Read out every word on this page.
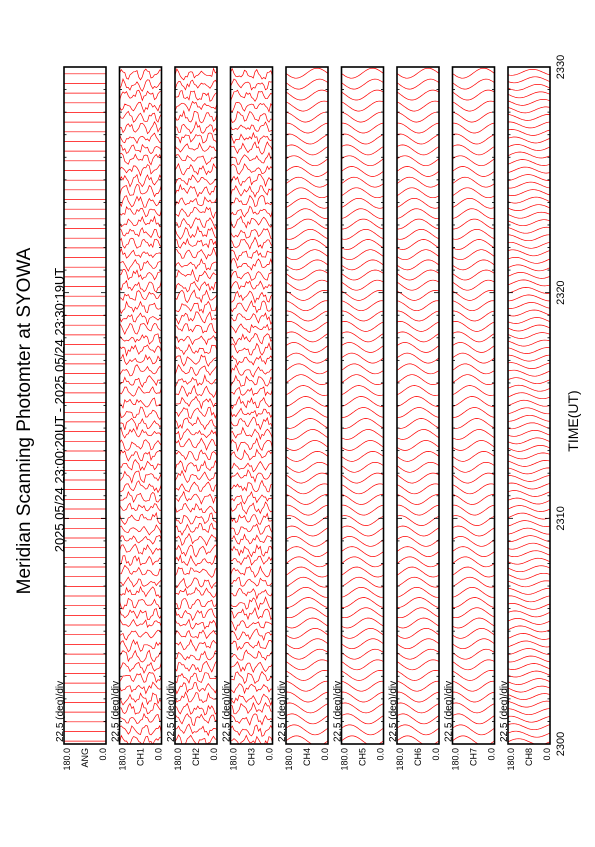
Meridian Scanning Photomter at SYOWA 2025 05/24 23:00:20UT - 2025 05/24 23:30:19UT
180.0	0.0
ANG
22.5 (deg)/div
180.0	0.0
CH1
22.5 (deg)/div
180.0	0.0
CH2
22.5 (deg)/div
180.0	0.0
CH3
22.5 (deg)/div
180.0	0.0
CH4
22.5 (deg)/div
180.0	0.0
CH5
22.5 (deg)/div
180.0	0.0
CH6
22.5 (deg)/div
180.0	0.0
CH7
22.5 (deg)/div
180.0	0.0
CH8
22.5 (deg)/div
2300
2310
2320
2330
TIME(UT)
